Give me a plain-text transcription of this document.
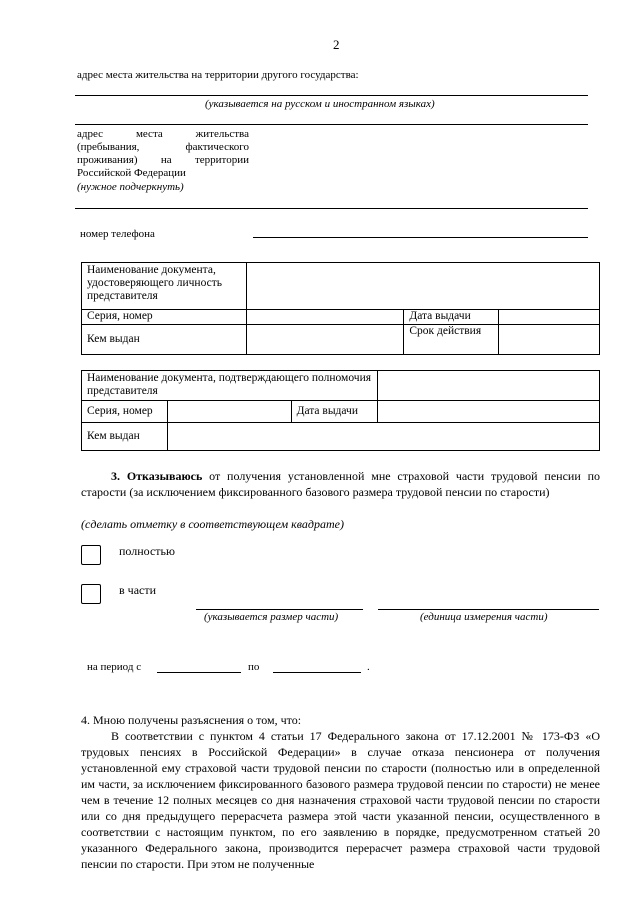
2
адрес места жительства на территории другого государства:
(указывается на русском и иностранном языках)
адрес места жительства
(пребывания, фактического
проживания) на территории
Российской Федерации
(нужное подчеркнуть)
номер телефона
Наименование документа, удостоверяющего личность представителя			
Серия, номер		Дата выдачи	
Кем выдан		Срок действия	
Наименование документа, подтверждающего полномочия представителя			
Серия, номер		Дата выдачи	
Кем выдан			
3. Отказываюсь от получения установленной мне страховой части трудовой пенсии по старости (за исключением фиксированного базового размера трудовой пенсии по старости)
(сделать отметку в соответствующем квадрате)
полностью
в части
(указывается размер части)	(единица измерения части)
на период с	по	.
4. Мною получены разъяснения о том, что:
В соответствии с пунктом 4 статьи 17 Федерального закона от 17.12.2001 № 173-ФЗ «О трудовых пенсиях в Российской Федерации» в случае отказа пенсионера от получения установленной ему страховой части трудовой пенсии по старости (полностью или в определенной им части, за исключением фиксированного базового размера трудовой пенсии по старости) не менее чем в течение 12 полных месяцев со дня назначения страховой части трудовой пенсии по старости или со дня предыдущего перерасчета размера этой части указанной пенсии, осуществленного в соответствии с настоящим пунктом, по его заявлению в порядке, предусмотренном статьей 20 указанного Федерального закона, производится перерасчет размера страховой части трудовой пенсии по старости. При этом не полученные
